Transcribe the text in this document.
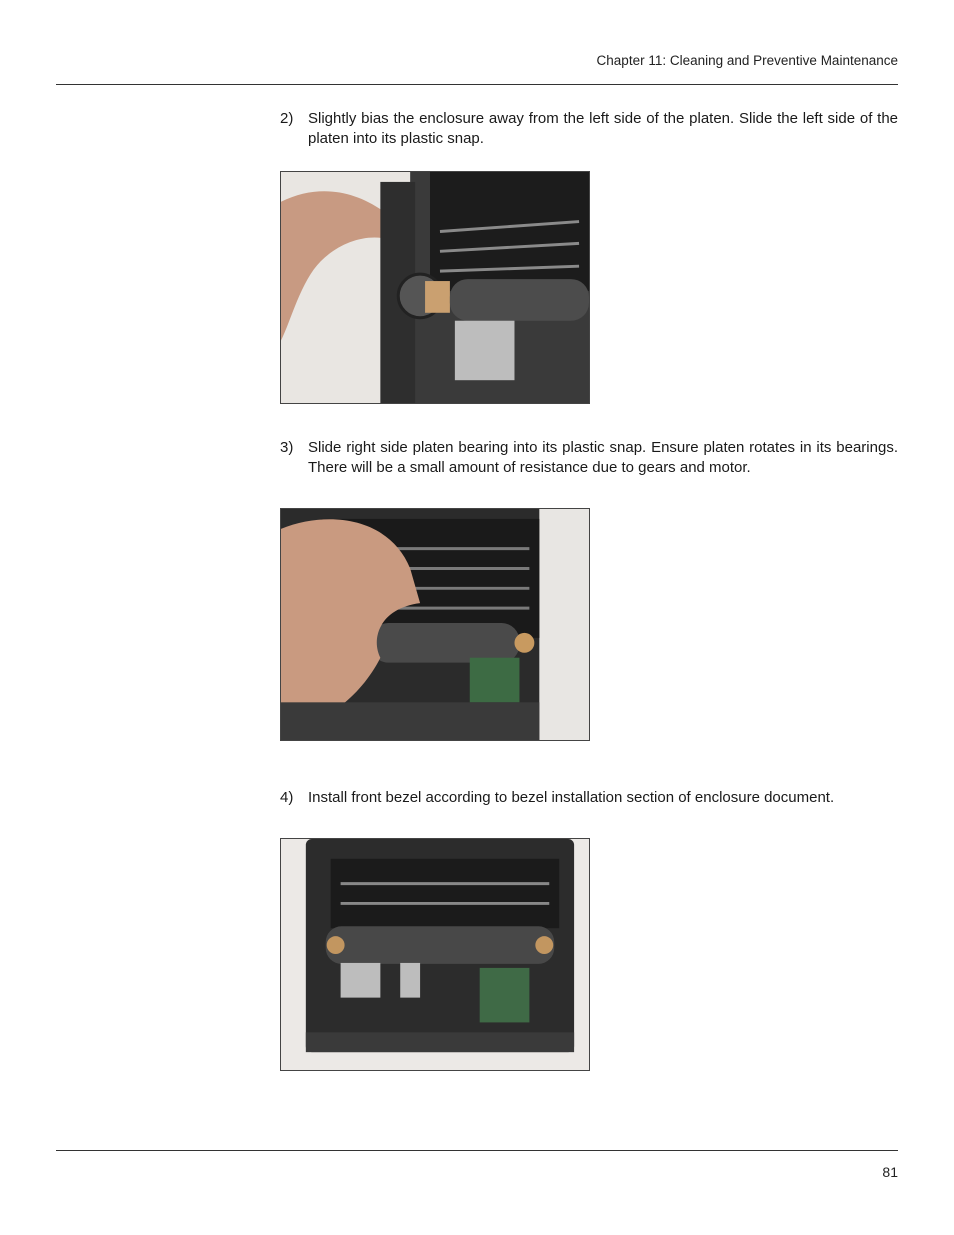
Chapter 11: Cleaning and Preventive Maintenance
2) Slightly bias the enclosure away from the left side of the platen. Slide the left side of the platen into its plastic snap.
3) Slide right side platen bearing into its plastic snap. Ensure platen rotates in its bearings. There will be a small amount of resistance due to gears and motor.
4) Install front bezel according to bezel installation section of enclosure document.
81
